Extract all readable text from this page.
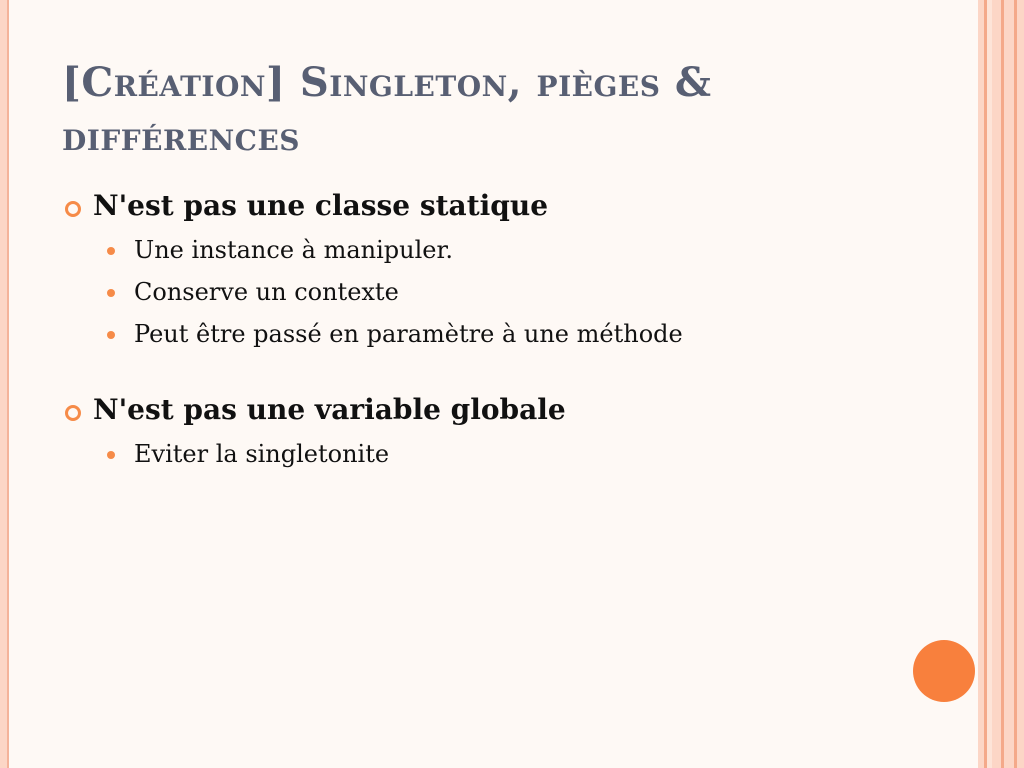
[Création] Singleton, pièges & différences

N'est pas une classe statique

Une instance à manipuler.
Conserve un contexte
Peut être passé en paramètre à une méthode

N'est pas une variable globale

Eviter la singletonite
